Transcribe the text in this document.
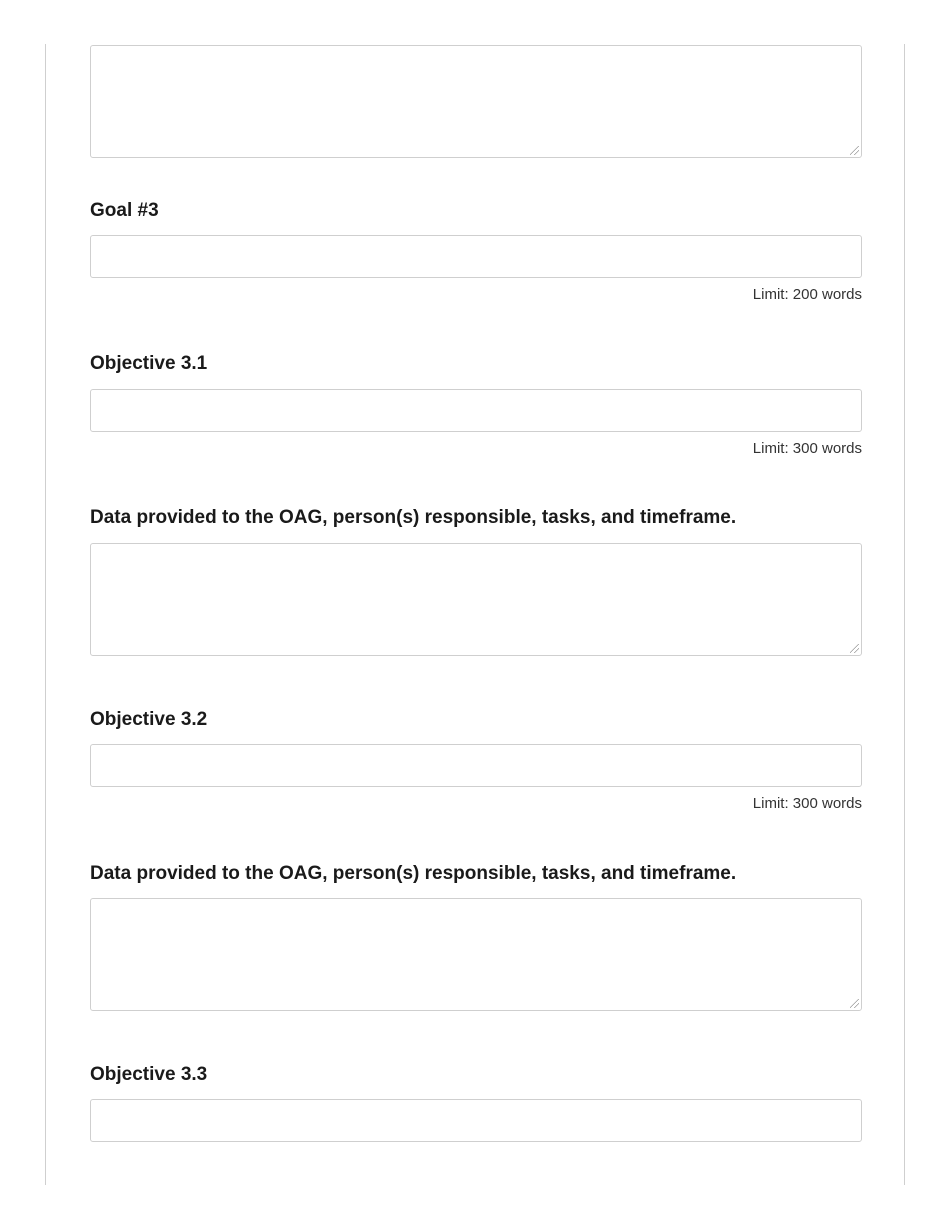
Goal #3
Limit: 200 words
Objective 3.1
Limit: 300 words
Data provided to the OAG, person(s) responsible, tasks, and timeframe.
Objective 3.2
Limit: 300 words
Data provided to the OAG, person(s) responsible, tasks, and timeframe.
Objective 3.3
